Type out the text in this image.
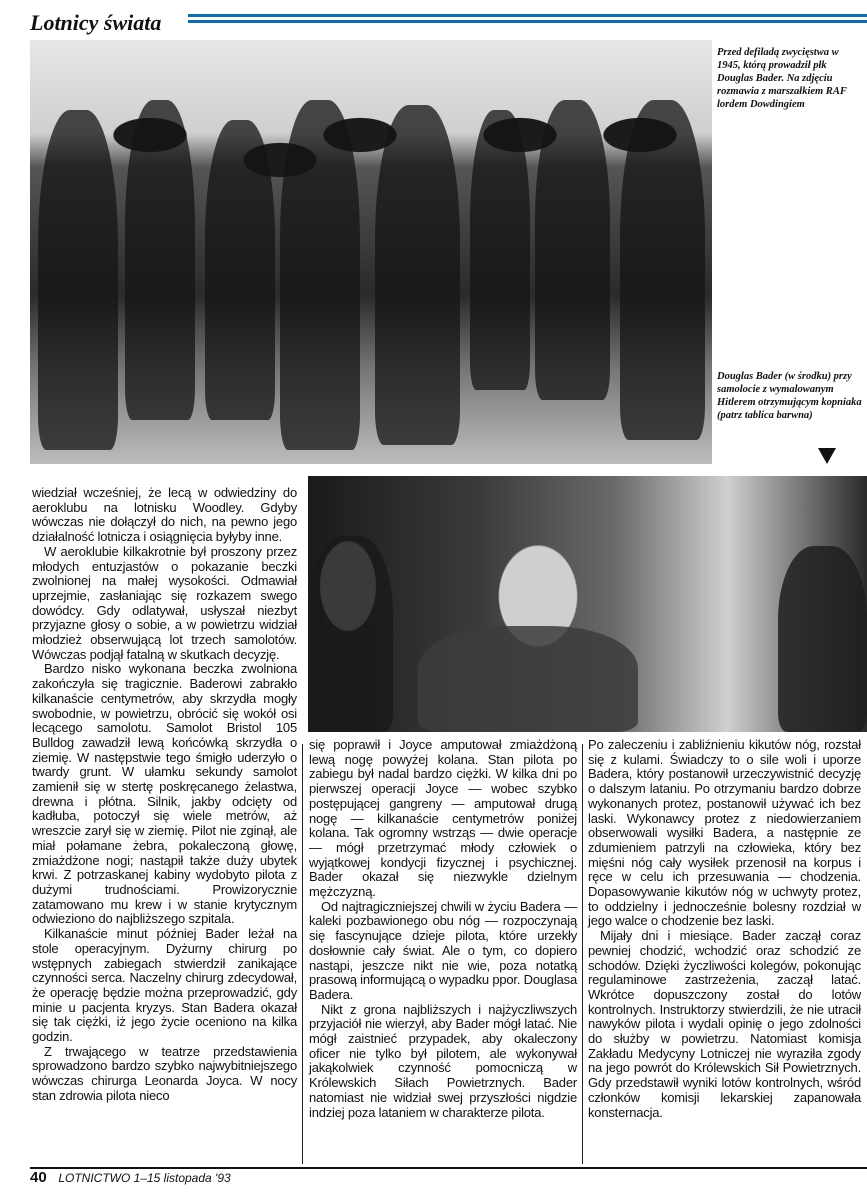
Lotnicy świata

Przed defiladą zwycięstwa w 1945, którą prowadził płk Douglas Bader. Na zdjęciu rozmawia z marszałkiem RAF lordem Dowdingiem

Douglas Bader (w środku) przy samolocie z wymalowanym Hitlerem otrzymującym kopniaka (patrz tablica barwna)

wiedział wcześniej, że lecą w odwiedziny do aeroklubu na lotnisku Woodley. Gdyby wówczas nie dołączył do nich, na pewno jego działalność lotnicza i osiągnięcia byłyby inne.

W aeroklubie kilkakrotnie był proszony przez młodych entuzjastów o pokazanie beczki zwolnionej na małej wysokości. Odmawiał uprzejmie, zasłaniając się rozkazem swego dowódcy. Gdy odlatywał, usłyszał niezbyt przyjazne głosy o sobie, a w powietrzu widział młodzież obserwującą lot trzech samolotów. Wówczas podjął fatalną w skutkach decyzję.

Bardzo nisko wykonana beczka zwolniona zakończyła się tragicznie. Baderowi zabrakło kilkanaście centymetrów, aby skrzydła mogły swobodnie, w powietrzu, obrócić się wokół osi lecącego samolotu. Samolot Bristol 105 Bulldog zawadził lewą końcówką skrzydła o ziemię. W następstwie tego śmigło uderzyło o twardy grunt. W ułamku sekundy samolot zamienił się w stertę poskręcanego żelastwa, drewna i płótna. Silnik, jakby odcięty od kadłuba, potoczył się wiele metrów, aż wreszcie zarył się w ziemię. Pilot nie zginął, ale miał połamane żebra, pokaleczoną głowę, zmiażdżone nogi; nastąpił także duży ubytek krwi. Z potrzaskanej kabiny wydobyto pilota z dużymi trudnościami. Prowizorycznie zatamowano mu krew i w stanie krytycznym odwieziono do najbliższego szpitala.

Kilkanaście minut później Bader leżał na stole operacyjnym. Dyżurny chirurg po wstępnych zabiegach stwierdził zanikające czynności serca. Naczelny chirurg zdecydował, że operację będzie można przeprowadzić, gdy minie u pacjenta kryzys. Stan Badera okazał się tak ciężki, iż jego życie oceniono na kilka godzin.

Z trwającego w teatrze przedstawienia sprowadzono bardzo szybko najwybitniejszego wówczas chirurga Leonarda Joyca. W nocy stan zdrowia pilota nieco

się poprawił i Joyce amputował zmiażdżoną lewą nogę powyżej kolana. Stan pilota po zabiegu był nadal bardzo ciężki. W kilka dni po pierwszej operacji Joyce — wobec szybko postępującej gangreny — amputował drugą nogę — kilkanaście centymetrów poniżej kolana. Tak ogromny wstrząs — dwie operacje — mógł przetrzymać młody człowiek o wyjątkowej kondycji fizycznej i psychicznej. Bader okazał się niezwykle dzielnym mężczyzną.

Od najtragiczniejszej chwili w życiu Badera — kaleki pozbawionego obu nóg — rozpoczynają się fascynujące dzieje pilota, które urzekły dosłownie cały świat. Ale o tym, co dopiero nastąpi, jeszcze nikt nie wie, poza notatką prasową informującą o wypadku ppor. Douglasa Badera.

Nikt z grona najbliższych i najżyczliwszych przyjaciół nie wierzył, aby Bader mógł latać. Nie mógł zaistnieć przypadek, aby okaleczony oficer nie tylko był pilotem, ale wykonywał jakąkolwiek czynność pomocniczą w Królewskich Siłach Powietrznych. Bader natomiast nie widział swej przyszłości nigdzie indziej poza lataniem w charakterze pilota.

Po zaleczeniu i zabliźnieniu kikutów nóg, rozstał się z kulami. Świadczy to o sile woli i uporze Badera, który postanowił urzeczywistnić decyzję o dalszym lataniu. Po otrzymaniu bardzo dobrze wykonanych protez, postanowił używać ich bez laski. Wykonawcy protez z niedowierzaniem obserwowali wysiłki Badera, a następnie ze zdumieniem patrzyli na człowieka, który bez mięśni nóg cały wysiłek przenosił na korpus i ręce w celu ich przesuwania — chodzenia. Dopasowywanie kikutów nóg w uchwyty protez, to oddzielny i jednocześnie bolesny rozdział w jego walce o chodzenie bez laski.

Mijały dni i miesiące. Bader zaczął coraz pewniej chodzić, wchodzić oraz schodzić ze schodów. Dzięki życzliwości kolegów, pokonując regulaminowe zastrzeżenia, zaczął latać. Wkrótce dopuszczony został do lotów kontrolnych. Instruktorzy stwierdzili, że nie utracił nawyków pilota i wydali opinię o jego zdolności do służby w powietrzu. Natomiast komisja Zakładu Medycyny Lotniczej nie wyraziła zgody na jego powrót do Królewskich Sił Powietrznych. Gdy przedstawił wyniki lotów kontrolnych, wśród członków komisji lekarskiej zapanowała konsternacja.

40 LOTNICTWO 1–15 listopada '93
